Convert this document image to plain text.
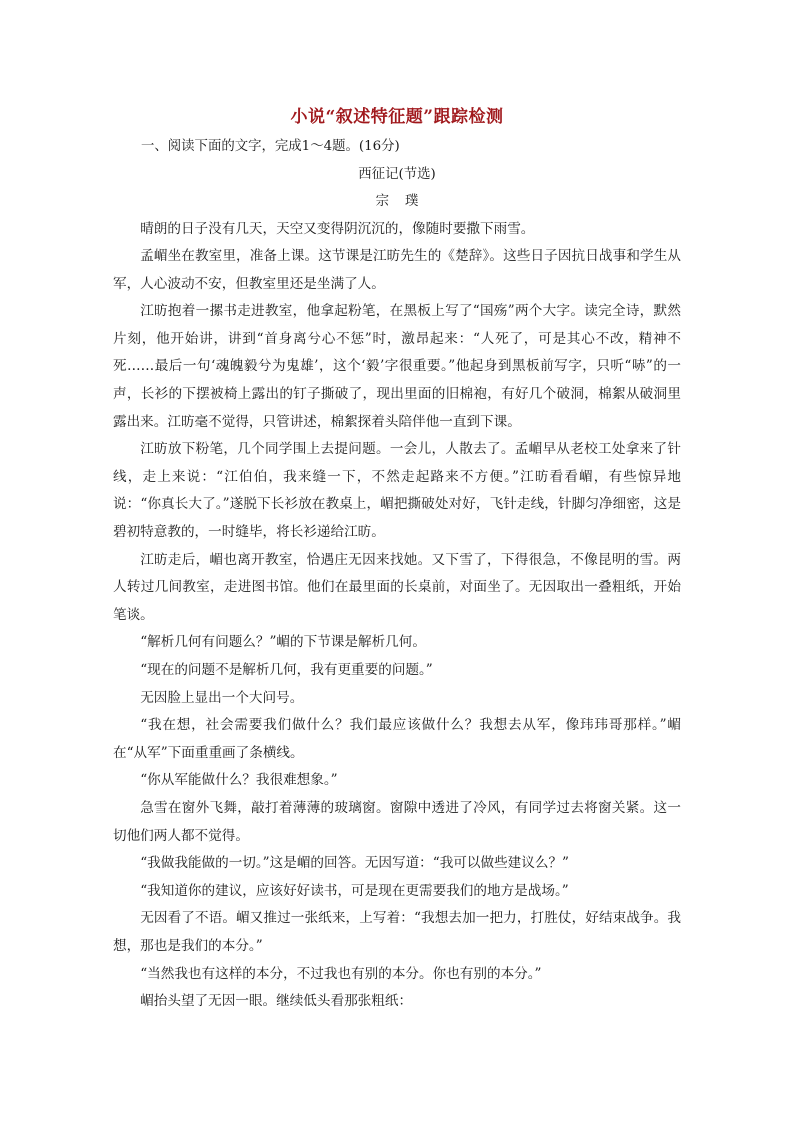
小说“叙述特征题”跟踪检测

一、阅读下面的文字，完成1～4题。(16分)

西征记(节选)

宗璞

晴朗的日子没有几天，天空又变得阴沉沉的，像随时要撒下雨雪。

孟嵋坐在教室里，准备上课。这节课是江昉先生的《楚辞》。这些日子因抗日战事和学生从军，人心波动不安，但教室里还是坐满了人。

江昉抱着一摞书走进教室，他拿起粉笔，在黑板上写了“国殇”两个大字。读完全诗，默然片刻，他开始讲，讲到“首身离兮心不惩”时，激昂起来：“人死了，可是其心不改，精神不死……最后一句‘魂魄毅兮为鬼雄’，这个‘毅’字很重要。”他起身到黑板前写字，只听“哧”的一声，长衫的下摆被椅上露出的钉子撕破了，现出里面的旧棉袍，有好几个破洞，棉絮从破洞里露出来。江昉毫不觉得，只管讲述，棉絮探着头陪伴他一直到下课。

江昉放下粉笔，几个同学围上去提问题。一会儿，人散去了。孟嵋早从老校工处拿来了针线，走上来说：“江伯伯，我来缝一下，不然走起路来不方便。”江昉看看嵋，有些惊异地说：“你真长大了。”遂脱下长衫放在教桌上，嵋把撕破处对好，飞针走线，针脚匀净细密，这是碧初特意教的，一时缝毕，将长衫递给江昉。

江昉走后，嵋也离开教室，恰遇庄无因来找她。又下雪了，下得很急，不像昆明的雪。两人转过几间教室，走进图书馆。他们在最里面的长桌前，对面坐了。无因取出一叠粗纸，开始笔谈。

“解析几何有问题么？”嵋的下节课是解析几何。

“现在的问题不是解析几何，我有更重要的问题。”

无因脸上显出一个大问号。

“我在想，社会需要我们做什么？我们最应该做什么？我想去从军，像玮玮哥那样。”嵋在“从军”下面重重画了条横线。

“你从军能做什么？我很难想象。”

急雪在窗外飞舞，敲打着薄薄的玻璃窗。窗隙中透进了冷风，有同学过去将窗关紧。这一切他们两人都不觉得。

“我做我能做的一切。”这是嵋的回答。无因写道：“我可以做些建议么？”

“我知道你的建议，应该好好读书，可是现在更需要我们的地方是战场。”

无因看了不语。嵋又推过一张纸来，上写着：“我想去加一把力，打胜仗，好结束战争。我想，那也是我们的本分。”

“当然我也有这样的本分，不过我也有别的本分。你也有别的本分。”

嵋抬头望了无因一眼。继续低头看那张粗纸：
